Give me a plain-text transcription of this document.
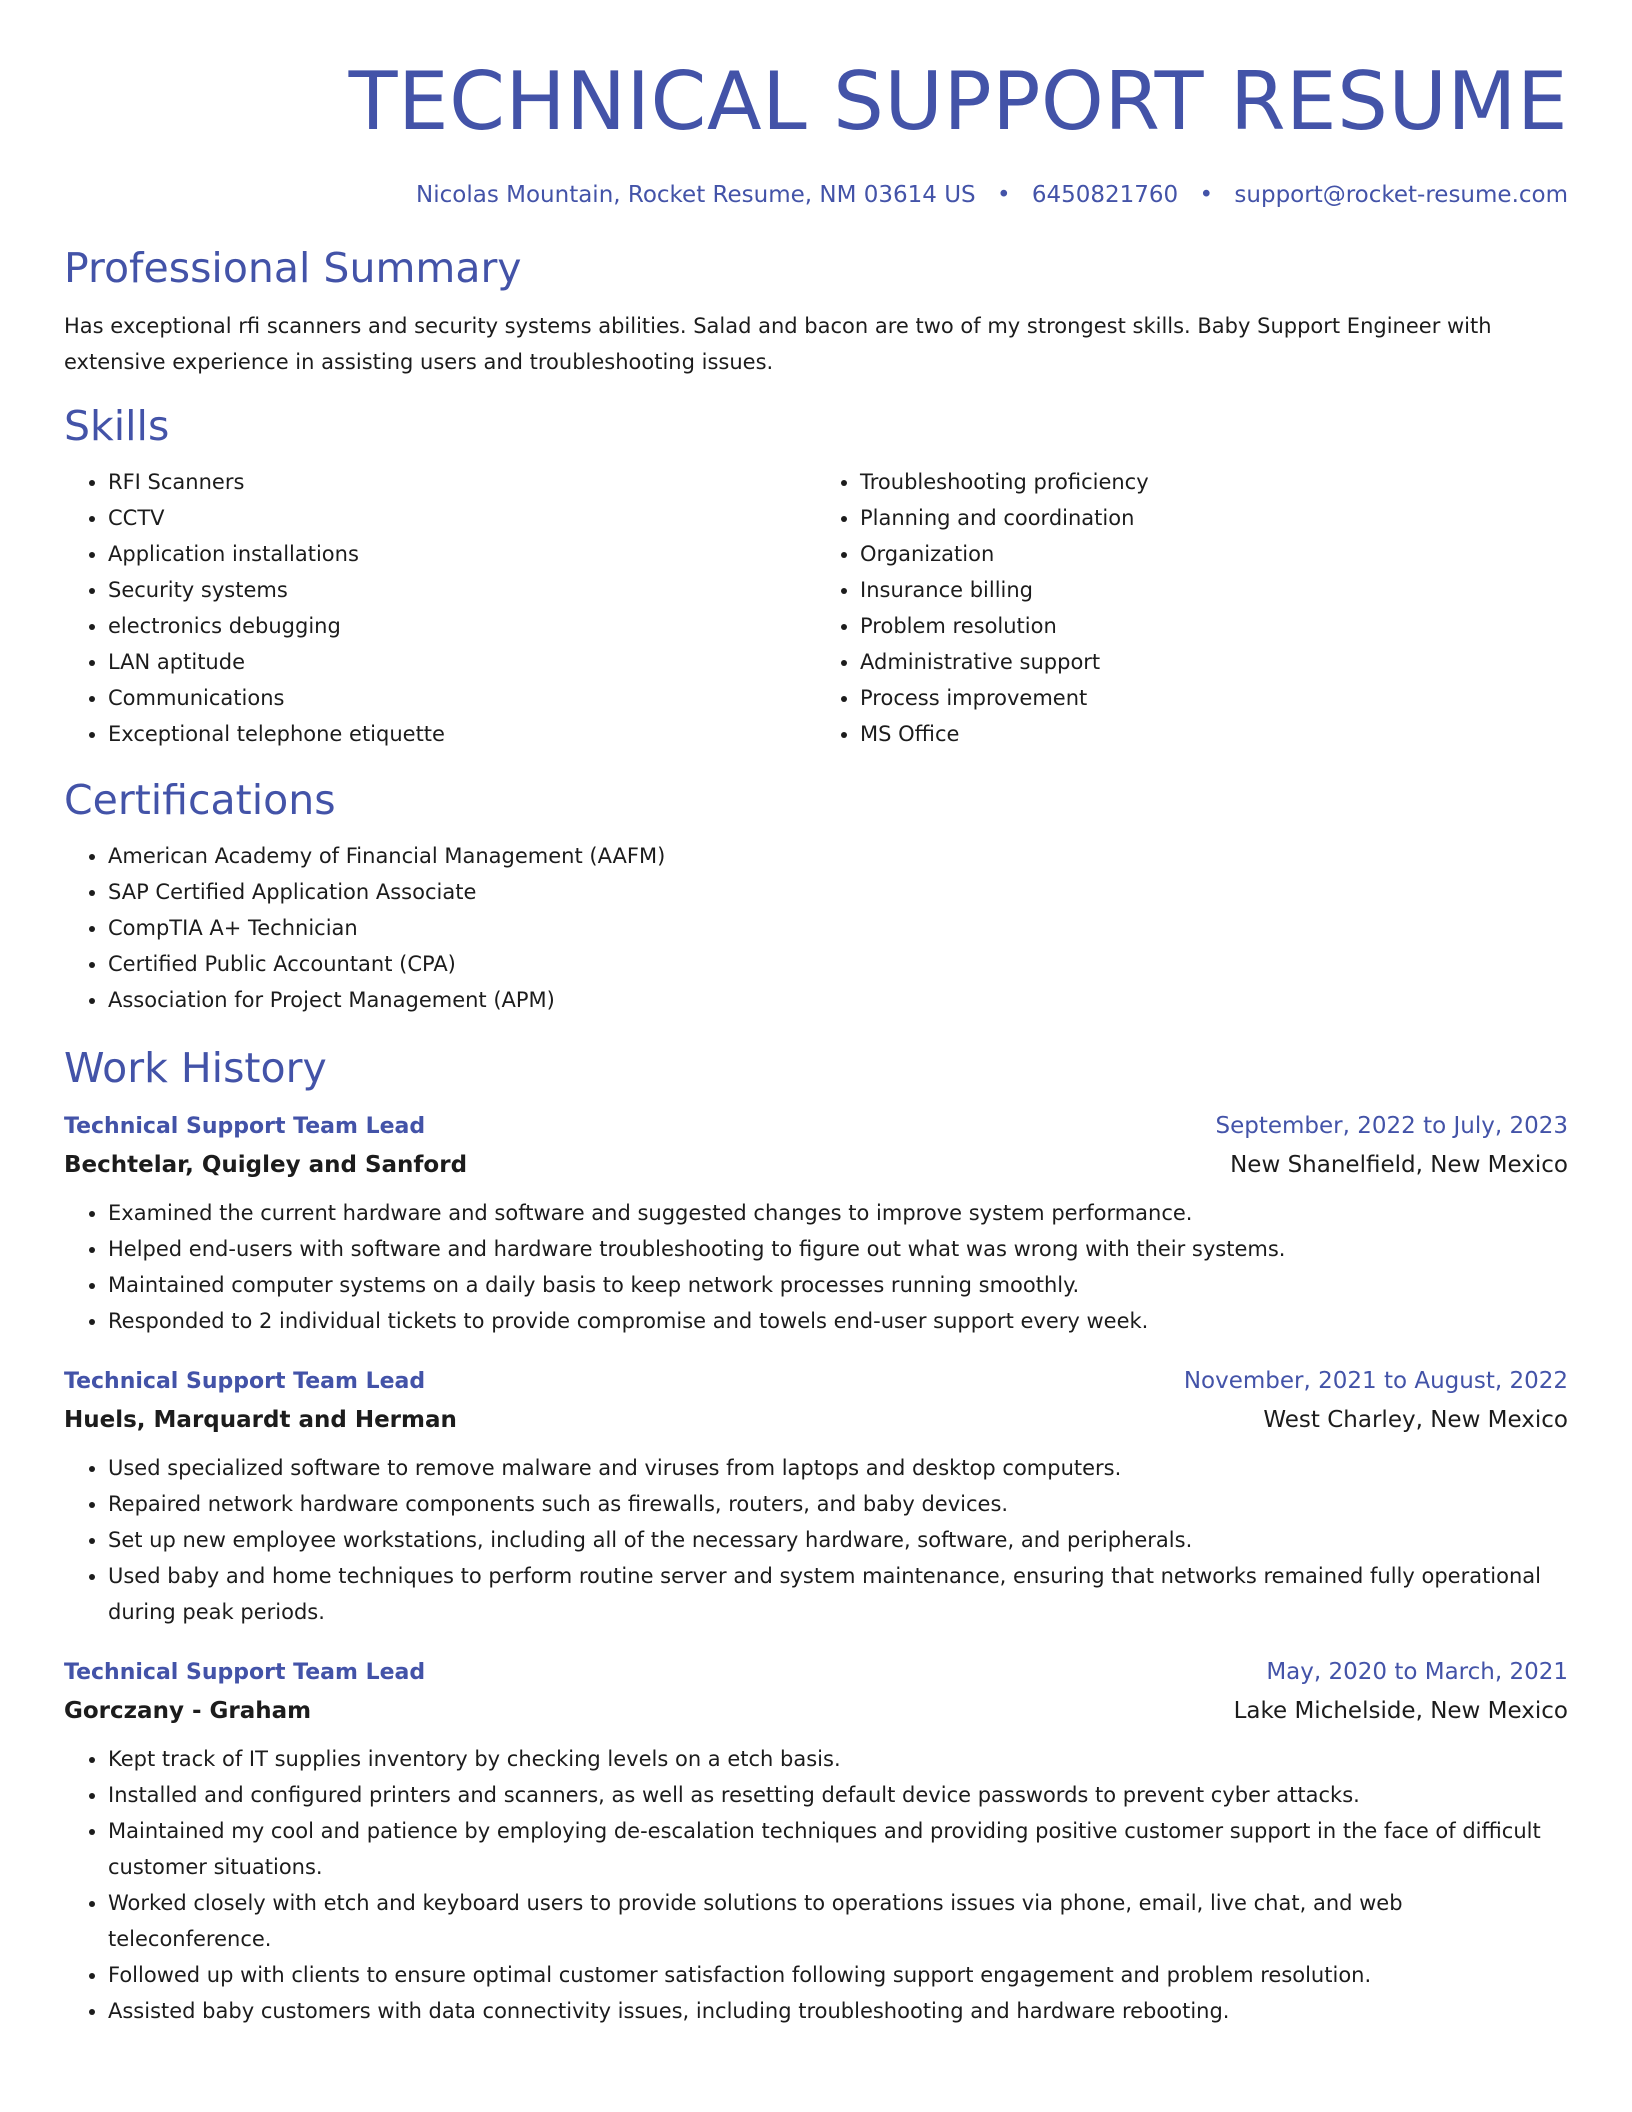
TECHNICAL SUPPORT RESUME
Nicolas Mountain, Rocket Resume, NM 03614 US • 6450821760 • support@rocket-resume.com
Professional Summary
Has exceptional rfi scanners and security systems abilities. Salad and bacon are two of my strongest skills. Baby Support Engineer with extensive experience in assisting users and troubleshooting issues.
Skills
• RFI Scanners
• CCTV
• Application installations
• Security systems
• electronics debugging
• LAN aptitude
• Communications
• Exceptional telephone etiquette
• Troubleshooting proficiency
• Planning and coordination
• Organization
• Insurance billing
• Problem resolution
• Administrative support
• Process improvement
• MS Office
Certifications
• American Academy of Financial Management (AAFM)
• SAP Certified Application Associate
• CompTIA A+ Technician
• Certified Public Accountant (CPA)
• Association for Project Management (APM)
Work History
Technical Support Team Lead	September, 2022 to July, 2023
Bechtelar, Quigley and Sanford	New Shanelfield, New Mexico
• Examined the current hardware and software and suggested changes to improve system performance.
• Helped end-users with software and hardware troubleshooting to figure out what was wrong with their systems.
• Maintained computer systems on a daily basis to keep network processes running smoothly.
• Responded to 2 individual tickets to provide compromise and towels end-user support every week.
Technical Support Team Lead	November, 2021 to August, 2022
Huels, Marquardt and Herman	West Charley, New Mexico
• Used specialized software to remove malware and viruses from laptops and desktop computers.
• Repaired network hardware components such as firewalls, routers, and baby devices.
• Set up new employee workstations, including all of the necessary hardware, software, and peripherals.
• Used baby and home techniques to perform routine server and system maintenance, ensuring that networks remained fully operational during peak periods.
Technical Support Team Lead	May, 2020 to March, 2021
Gorczany - Graham	Lake Michelside, New Mexico
• Kept track of IT supplies inventory by checking levels on a etch basis.
• Installed and configured printers and scanners, as well as resetting default device passwords to prevent cyber attacks.
• Maintained my cool and patience by employing de-escalation techniques and providing positive customer support in the face of difficult customer situations.
• Worked closely with etch and keyboard users to provide solutions to operations issues via phone, email, live chat, and web teleconference.
• Followed up with clients to ensure optimal customer satisfaction following support engagement and problem resolution.
• Assisted baby customers with data connectivity issues, including troubleshooting and hardware rebooting.
